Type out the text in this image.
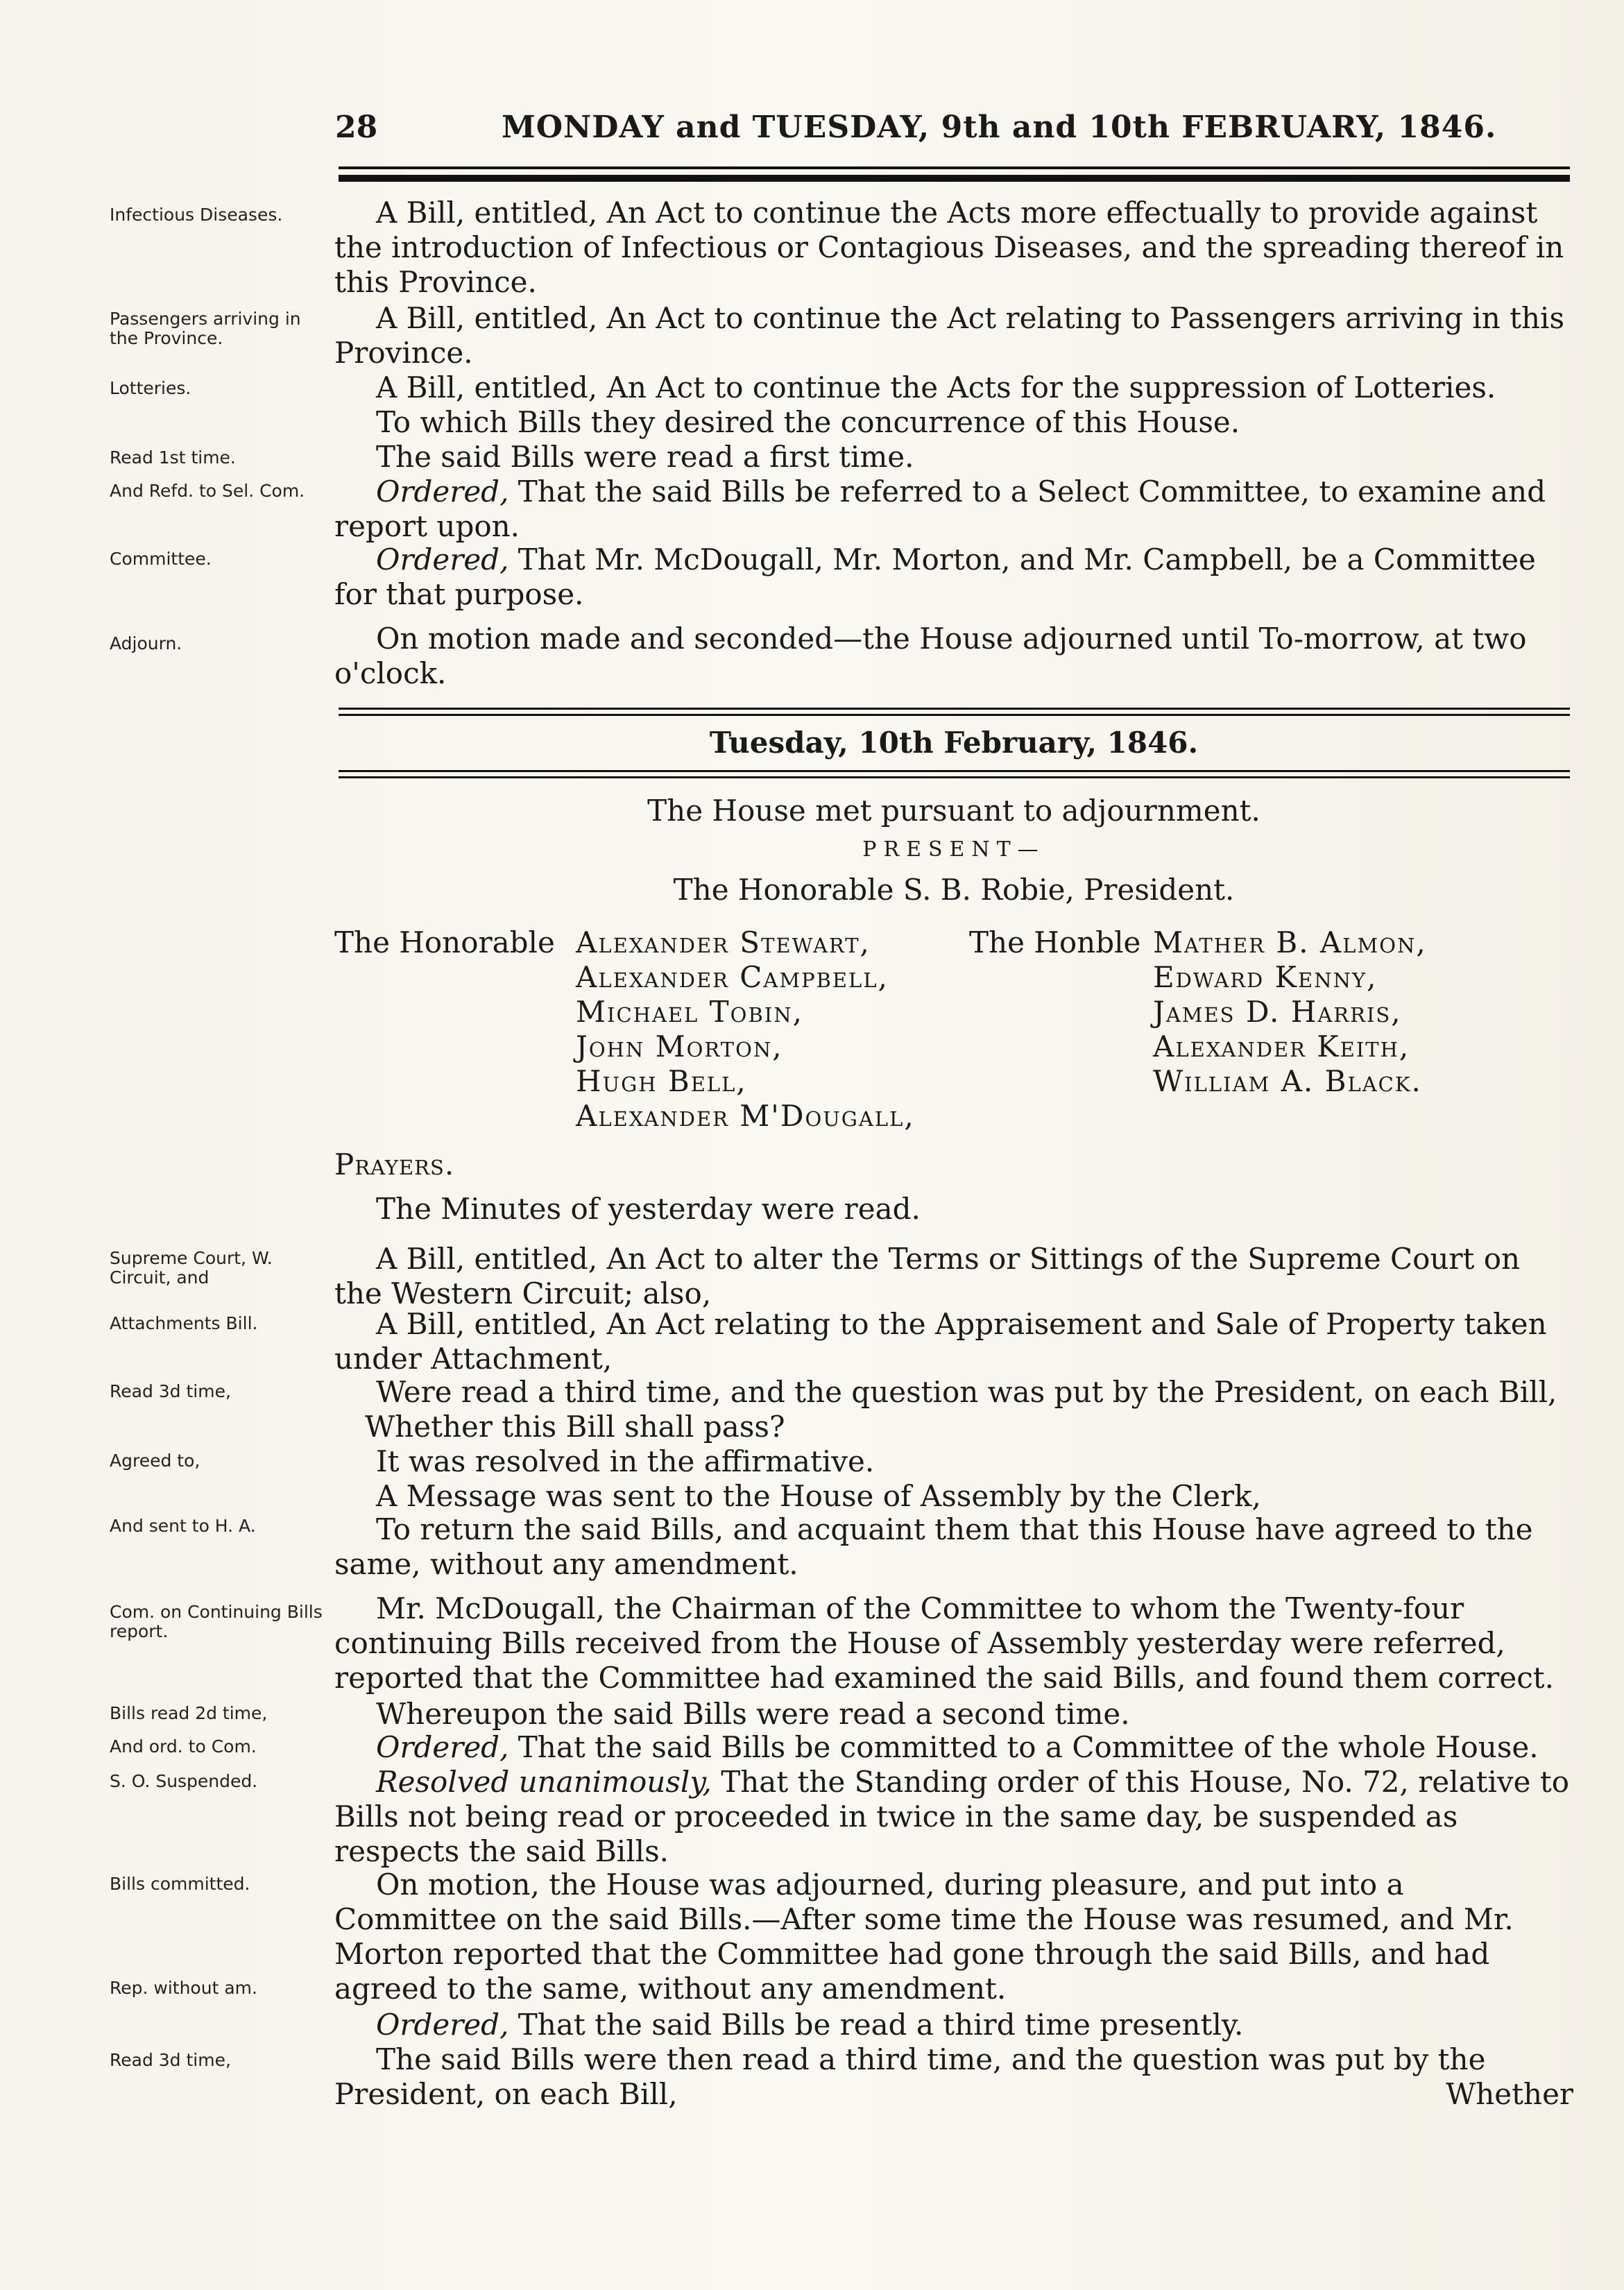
28	MONDAY and TUESDAY, 9th and 10th FEBRUARY, 1846.
Infectious Diseases.	A Bill, entitled, An Act to continue the Acts more effectually to provide against the introduction of Infectious or Contagious Diseases, and the spreading thereof in this Province.

Passengers arriving in the Province.

A Bill, entitled, An Act to continue the Act relating to Passengers arriving in this Province.

Lotteries.	A Bill, entitled, An Act to continue the Acts for the suppression of Lotteries.

To which Bills they desired the concurrence of this House.

Read 1st time.	The said Bills were read a first time.

And Refd. to Sel. Com.	Ordered, That the said Bills be referred to a Select Committee, to examine and report upon.

Committee.	Ordered, That Mr. McDougall, Mr. Morton, and Mr. Campbell, be a Committee for that purpose.

Adjourn.	On motion made and seconded—the House adjourned until To-morrow, at two o'clock.

Tuesday, 10th February, 1846.

The House met pursuant to adjournment.

PRESENT—

The Honorable S. B. Robie, President.

The Honorable Alexander Stewart,
Alexander Campbell,
Michael Tobin,
John Morton,
Hugh Bell,
Alexander M'Dougall,
The Honble Mather B. Almon,
Edward Kenny,
James D. Harris,
Alexander Keith,
William A. Black.

Prayers.

The Minutes of yesterday were read.

Supreme Court, W. Circuit, and

A Bill, entitled, An Act to alter the Terms or Sittings of the Supreme Court on the Western Circuit; also,

Attachments Bill.	A Bill, entitled, An Act relating to the Appraisement and Sale of Property taken under Attachment,

Read 3d time,	Were read a third time, and the question was put by the President, on each Bill, Whether this Bill shall pass?

Agreed to,	It was resolved in the affirmative.

A Message was sent to the House of Assembly by the Clerk,

And sent to H. A.	To return the said Bills, and acquaint them that this House have agreed to the same, without any amendment.

Com. on Continuing Bills report.

Mr. McDougall, the Chairman of the Committee to whom the Twenty-four continuing Bills received from the House of Assembly yesterday were referred, reported that the Committee had examined the said Bills, and found them correct.

Bills read 2d time,	Whereupon the said Bills were read a second time.

And ord. to Com.	Ordered, That the said Bills be committed to a Committee of the whole House.

S. O. Suspended.	Resolved unanimously, That the Standing order of this House, No. 72, relative to Bills not being read or proceeded in twice in the same day, be suspended as respects the said Bills.

Bills committed.	On motion, the House was adjourned, during pleasure, and put into a Committee on the said Bills.—After some time the House was resumed, and Mr. Morton reported that the Committee had gone through the said Bills, and had agreed to the same, without any amendment.

Rep. without am.

Ordered, That the said Bills be read a third time presently.

Read 3d time,	The said Bills were then read a third time, and the question was put by the President, on each Bill,	Whether
